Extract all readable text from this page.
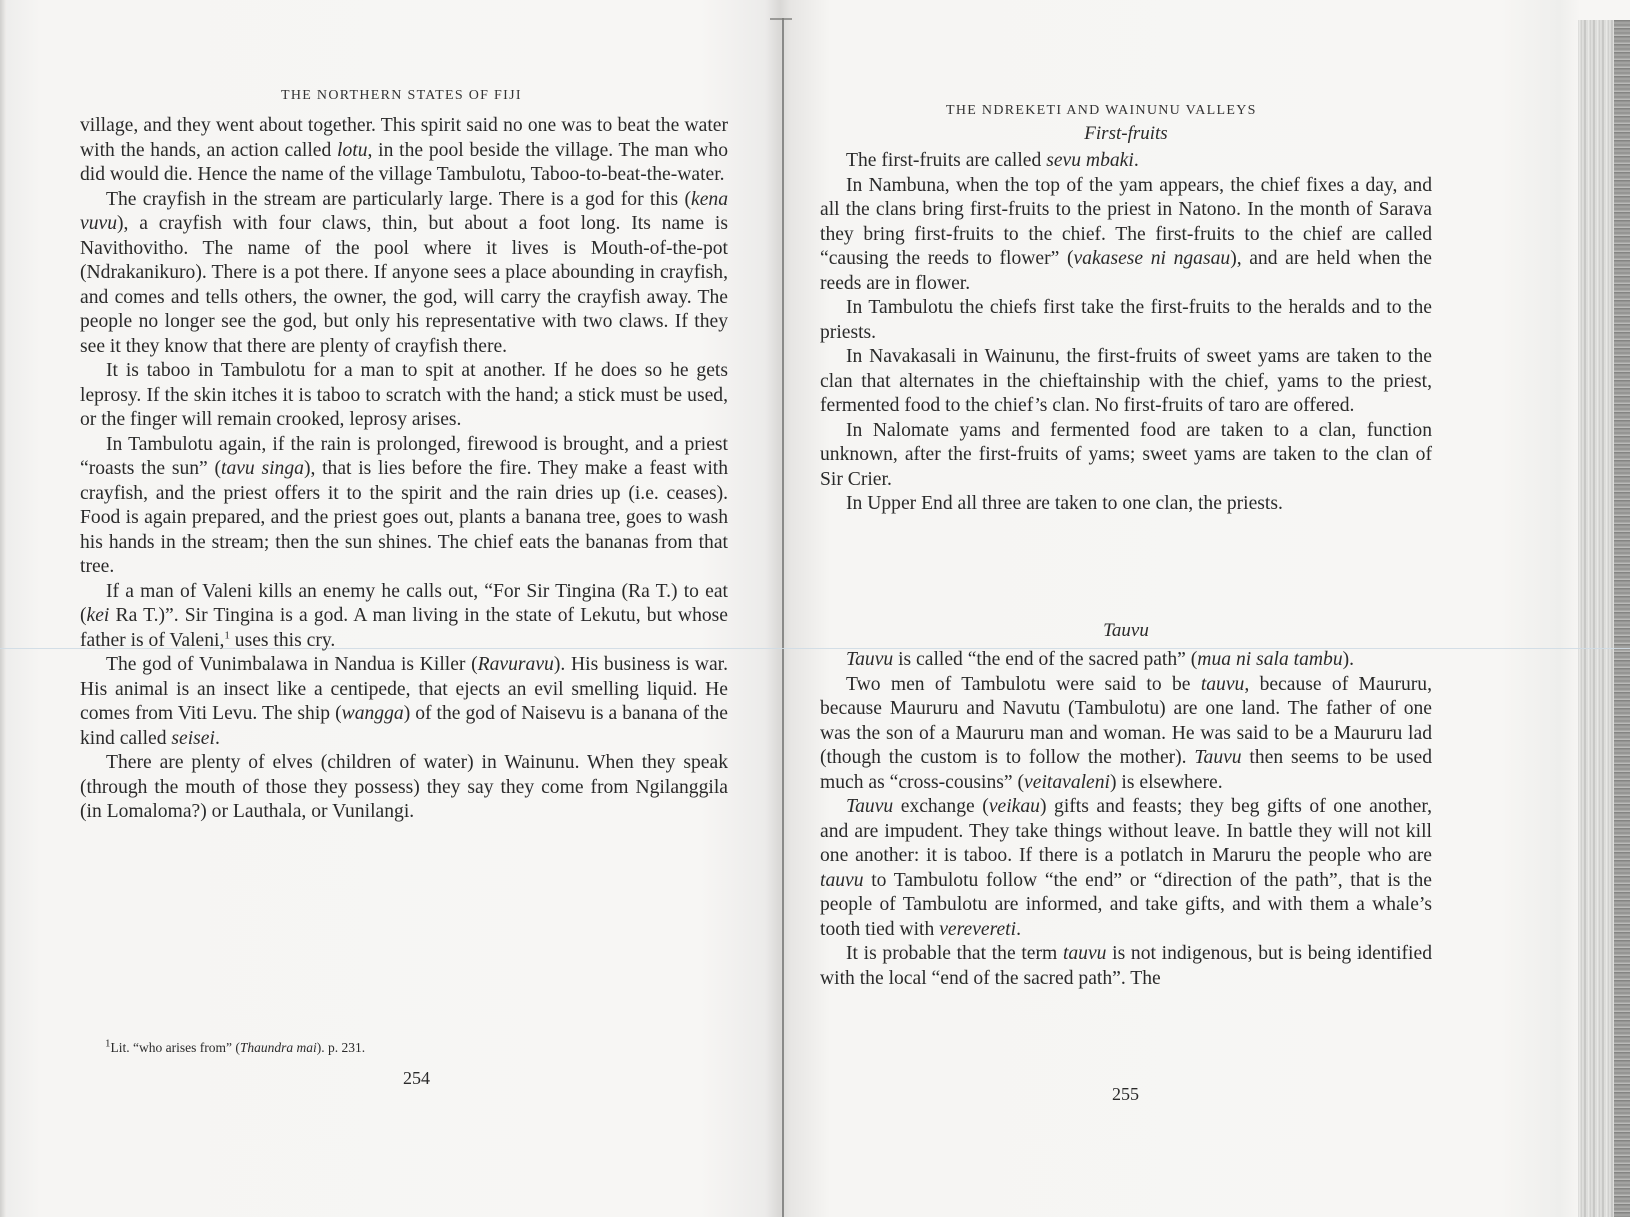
THE NORTHERN STATES OF FIJI

village, and they went about together. This spirit said no one was to beat the water with the hands, an action called lotu, in the pool beside the village. The man who did would die. Hence the name of the village Tambulotu, Taboo-to-beat-the-water.

The crayfish in the stream are particularly large. There is a god for this (kena vuvu), a crayfish with four claws, thin, but about a foot long. Its name is Navithovitho. The name of the pool where it lives is Mouth-of-the-pot (Ndrakanikuro). There is a pot there. If anyone sees a place abounding in crayfish, and comes and tells others, the owner, the god, will carry the crayfish away. The people no longer see the god, but only his representative with two claws. If they see it they know that there are plenty of crayfish there.

It is taboo in Tambulotu for a man to spit at another. If he does so he gets leprosy. If the skin itches it is taboo to scratch with the hand; a stick must be used, or the finger will remain crooked, leprosy arises.

In Tambulotu again, if the rain is prolonged, firewood is brought, and a priest “roasts the sun” (tavu singa), that is lies before the fire. They make a feast with crayfish, and the priest offers it to the spirit and the rain dries up (i.e. ceases). Food is again prepared, and the priest goes out, plants a banana tree, goes to wash his hands in the stream; then the sun shines. The chief eats the bananas from that tree.

If a man of Valeni kills an enemy he calls out, “For Sir Tingina (Ra T.) to eat (kei Ra T.)”. Sir Tingina is a god. A man living in the state of Lekutu, but whose father is of Valeni,$^1$ uses this cry.

The god of Vunimbalawa in Nandua is Killer (Ravuravu). His business is war. His animal is an insect like a centipede, that ejects an evil smelling liquid. He comes from Viti Levu. The ship (wangga) of the god of Naisevu is a banana of the kind called seisei.

There are plenty of elves (children of water) in Wainunu. When they speak (through the mouth of those they possess) they say they come from Ngilanggila (in Lomaloma?) or Lauthala, or Vunilangi.

$^1$Lit. “who arises from” (Thaundra mai). p. 231.
254
THE NDREKETI AND WAINUNU VALLEYS
First-fruits

The first-fruits are called sevu mbaki.

In Nambuna, when the top of the yam appears, the chief fixes a day, and all the clans bring first-fruits to the priest in Natono. In the month of Sarava they bring first-fruits to the chief. The first-fruits to the chief are called “causing the reeds to flower” (vakasese ni ngasau), and are held when the reeds are in flower.

In Tambulotu the chiefs first take the first-fruits to the heralds and to the priests.

In Navakasali in Wainunu, the first-fruits of sweet yams are taken to the clan that alternates in the chieftainship with the chief, yams to the priest, fermented food to the chief’s clan. No first-fruits of taro are offered.

In Nalomate yams and fermented food are taken to a clan, function unknown, after the first-fruits of yams; sweet yams are taken to the clan of Sir Crier.

In Upper End all three are taken to one clan, the priests.

Tauvu

Tauvu is called “the end of the sacred path” (mua ni sala tambu).

Two men of Tambulotu were said to be tauvu, because of Maururu, because Maururu and Navutu (Tambulotu) are one land. The father of one was the son of a Maururu man and woman. He was said to be a Maururu lad (though the custom is to follow the mother). Tauvu then seems to be used much as “cross-cousins” (veitavaleni) is elsewhere.

Tauvu exchange (veikau) gifts and feasts; they beg gifts of one another, and are impudent. They take things without leave. In battle they will not kill one another: it is taboo. If there is a potlatch in Maruru the people who are tauvu to Tambulotu follow “the end” or “direction of the path”, that is the people of Tambulotu are informed, and take gifts, and with them a whale’s tooth tied with verevereti.

It is probable that the term tauvu is not indigenous, but is being identified with the local “end of the sacred path”. The

255
